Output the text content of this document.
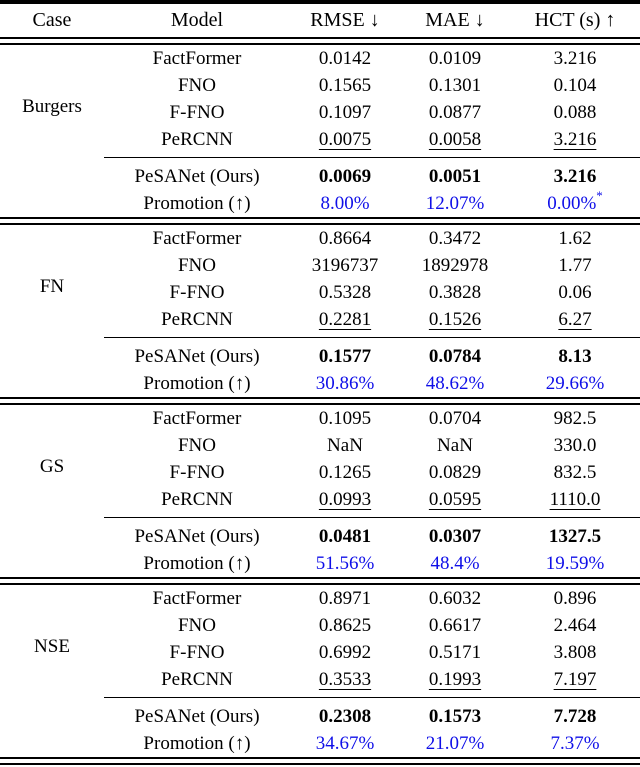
Case	Model	RMSE ↓	MAE ↓	HCT (s) ↑
Burgers
FactFormer	0.0142	0.0109	3.216
FNO	0.1565	0.1301	0.104
F-FNO	0.1097	0.0877	0.088
PeRCNN	0.0075	0.0058	3.216
PeSANet (Ours)	0.0069	0.0051	3.216
Promotion (↑)	8.00%	12.07%	0.00%*
FN
FactFormer	0.8664	0.3472	1.62
FNO	3196737	1892978	1.77
F-FNO	0.5328	0.3828	0.06
PeRCNN	0.2281	0.1526	6.27
PeSANet (Ours)	0.1577	0.0784	8.13
Promotion (↑)	30.86%	48.62%	29.66%
GS
FactFormer	0.1095	0.0704	982.5
FNO	NaN	NaN	330.0
F-FNO	0.1265	0.0829	832.5
PeRCNN	0.0993	0.0595	1110.0
PeSANet (Ours)	0.0481	0.0307	1327.5
Promotion (↑)	51.56%	48.4%	19.59%
NSE
FactFormer	0.8971	0.6032	0.896
FNO	0.8625	0.6617	2.464
F-FNO	0.6992	0.5171	3.808
PeRCNN	0.3533	0.1993	7.197
PeSANet (Ours)	0.2308	0.1573	7.728
Promotion (↑)	34.67%	21.07%	7.37%
